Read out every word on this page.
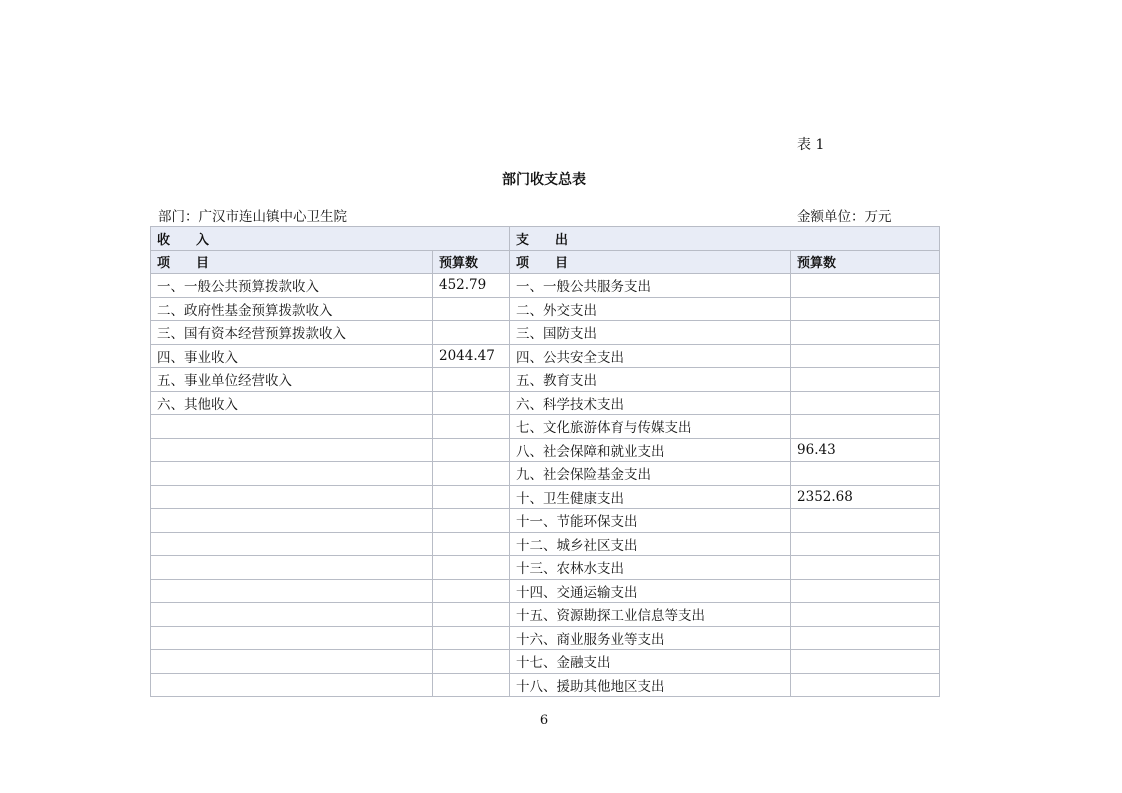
表 1
部门收支总表
部门：广汉市连山镇中心卫生院	金额单位：万元
收　　入		支　　出	
项　　目	预算数	项　　目	预算数
一、一般公共预算拨款收入	452.79	一、一般公共服务支出	
二、政府性基金预算拨款收入		二、外交支出	
三、国有资本经营预算拨款收入		三、国防支出	
四、事业收入	2044.47	四、公共安全支出	
五、事业单位经营收入		五、教育支出	
六、其他收入		六、科学技术支出	
		七、文化旅游体育与传媒支出	
		八、社会保障和就业支出	96.43
		九、社会保险基金支出	
		十、卫生健康支出	2352.68
		十一、节能环保支出	
		十二、城乡社区支出	
		十三、农林水支出	
		十四、交通运输支出	
		十五、资源勘探工业信息等支出	
		十六、商业服务业等支出	
		十七、金融支出	
		十八、援助其他地区支出	
6
